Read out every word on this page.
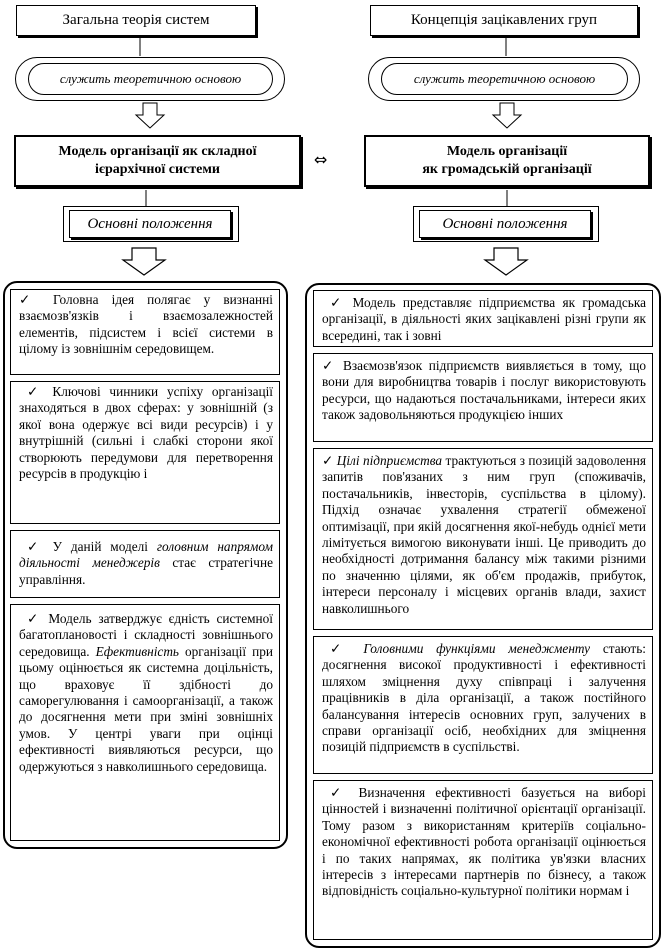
Загальна теорія систем
служить теоретичною основою
Модель організації як складної
ієрархічної системи
Основні положення

✓ Головна ідея полягає у визнанні взаємозв'язків і взаємозалежностей елементів, підсистем і всієї системи в цілому із зовнішнім середовищем.

✓ Ключові чинники успіху організації знаходяться в двох сферах: у зовнішній (з якої вона одержує всі види ресурсів) і у внутрішній (сильні і слабкі сторони якої створюють передумови для перетворення ресурсів в продукцію і

✓ У даній моделі головним напрямом діяльності менеджерів стає стратегічне управління.

✓ Модель затверджує єдність системної багатоплановості і складності зовнішнього середовища. Ефективність організації при цьому оцінюється як системна доцільність, що враховує її здібності до саморегулювання і самоорганізації, а також до досягнення мети при зміні зовнішніх умов. У центрі уваги при оцінці ефективності виявляються ресурси, що одержуються з навколишнього середовища.

⇔
Концепція зацікавлених груп
служить теоретичною основою
Модель організації
як громадській організації
Основні положення

✓ Модель представляє підприємства як громадська організації, в діяльності яких зацікавлені різні групи як всередині, так і зовні

✓ Взаємозв'язок підприємств виявляється в тому, що вони для виробництва товарів і послуг використовують ресурси, що надаються постачальниками, інтереси яких також задовольняються продукцією інших

✓ Цілі підприємства трактуються з позицій задоволення запитів пов'язаних з ним груп (споживачів, постачальників, інвесторів, суспільства в цілому). Підхід означає ухвалення стратегії обмеженої оптимізації, при якій досягнення якої-небудь однієї мети лімітується вимогою виконувати інші. Це приводить до необхідності дотримання балансу між такими різними по значенню цілями, як об'єм продажів, прибуток, інтереси персоналу і місцевих органів влади, захист навколишнього

✓ Головними функціями менеджменту стають: досягнення високої продуктивності і ефективності шляхом зміцнення духу співпраці і залучення працівників в діла організації, а також постійного балансування інтересів основних груп, залучених в справи організації осіб, необхідних для зміцнення позицій підприємств в суспільстві.

✓ Визначення ефективності базується на виборі цінностей і визначенні політичної орієнтації організації. Тому разом з використанням критеріїв соціально-економічної ефективності робота організації оцінюється і по таких напрямах, як політика ув'язки власних інтересів з інтересами партнерів по бізнесу, а також відповідність соціально-культурної політики нормам і
